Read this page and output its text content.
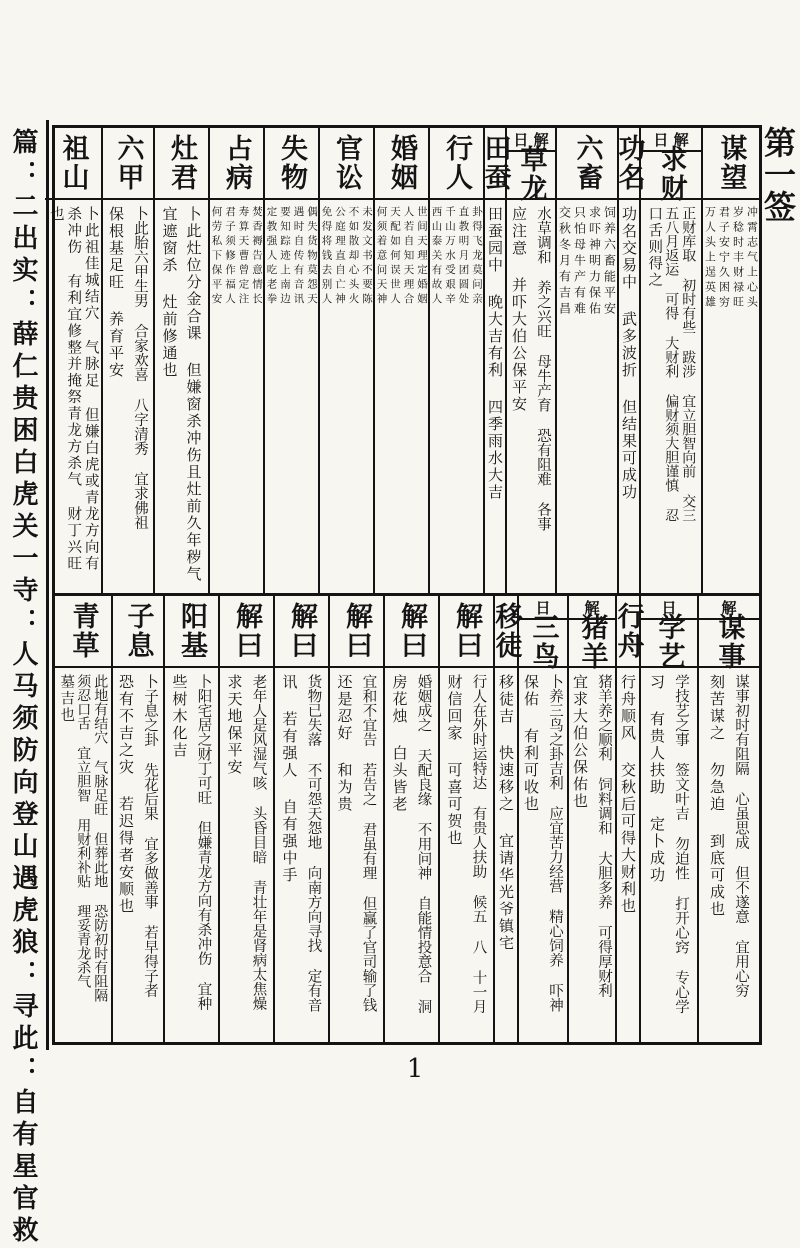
篇：二出实：薛仁贵困白虎关一寺：人马须防向登山遇虎狼：寻此：自有星官救	第一签
谋望
冲霄志气上心头
岁稔时丰财禄旺
君子安宁久困穷
万人头上逞英雄
求财
日 解
正财库取 初时有些 跋涉 宜立胆智向前 交三
五八月返运 可得 大财利 偏财须大胆谨慎 忍
口舌则得之
功名
功名交易中 武多波折 但结果可成功
六畜
饲养六畜能平安
求吓神明力保佑
只怕母牛产有难
交秋冬月有吉昌
草龙
日 解
水草调和 养之兴旺 母牛产育 恐有阻难 各事
应注意 并吓大伯公保平安
田蚕
田蚕园中 晚大吉有利 四季雨水大吉
行人
卦得飞龙莫问亲
直教明月团圆处
千山万水受艰辛
西山泰关有故人
婚姻
世间天理定婚姻
人若自知天理合
天配如何误世人
何须着意问天神
官讼
未发文书不要陈
不如散却心头火
公庭理直自亡神
免得将钱去别人
失物
偶失货物莫怨天
遇时自传有音讯
要知踪迹上南边
定教强人吃老拳
占病
焚香褥告意情长
寿算天曹曾定注
君子须修作福人
何劳私下保平安
灶君
卜此灶位分金合课 但嫌窗杀冲伤且灶前久年秽气
宜遮窗杀 灶前修通也
六甲
卜此胎六甲生男 合家欢喜 八字清秀 宜求佛祖
保根基足旺 养育平安
祖山
卜此祖佳城结穴 气脉足 但嫌白虎或青龙方向有
杀冲伤 有利宜修整并掩祭青龙方杀气 财丁兴旺
也
谋事
解
谋事初时有阻隔 心虽思成 但不遂意 宜用心穷
刻苦谋之 勿急迫 到底可成也
学艺
日
学技艺之事 签文叶吉 勿迫性 打开心窍 专心学
习 有贵人扶助 定卜成功
行舟
行舟顺风 交秋后可得大财利也
猪羊
解
猪羊养之顺利 饲料调和 大胆多养 可得厚财利
宜求大伯公保佑也
三鸟
日
卜养三鸟之卦吉利 应宜苦力经营 精心饲养 吓神
保佑 有利可收也
移徒
移徒吉 快速移之 宜请华光爷镇宅
解曰
行人在外时运特达 有贵人扶助 候五 八 十一月
财信回家 可喜可贺也
解曰
婚姻成之 天配良缘 不用问神 自能情投意合 洞
房花烛 白头皆老
解曰
宜和不宜告 若告之 君虽有理 但赢了官司输了钱
还是忍好 和为贵
解曰
货物已失落 不可怨天怨地 向南方向寻找 定有音
讯 若有强人 自有强中手
解曰
老年人是风湿气咳 头昏目暗 青壮年是肾病太焦燥
求天地保平安
阳基
卜阳宅居之财丁可旺 但嫌青龙方向有杀冲伤 宜种
些树木化吉
子息
卜子息之卦 先花后果 宜多做善事 若早得子者
恐有不吉之灾 若迟得者安顺也
青草
此地有结穴 气脉足旺 但葬此地 恐防初时有阻隔
须忍口舌 宜立胆智 用财利补贴 理妥青龙杀气
墓吉也
1
